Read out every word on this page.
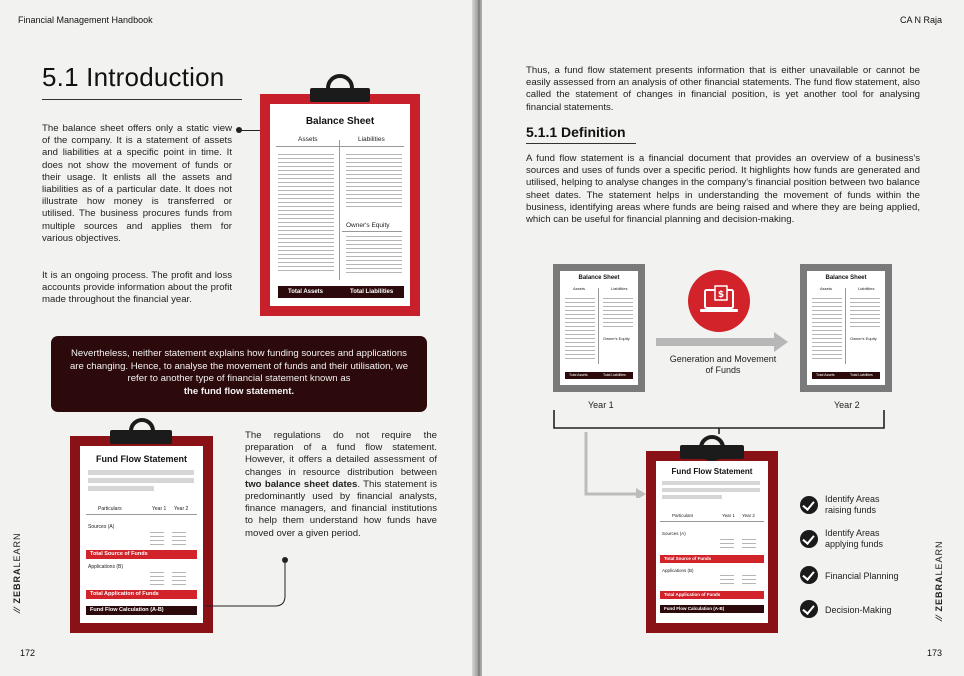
Financial Management Handbook
5.1 Introduction
The balance sheet offers only a static view of the company. It is a statement of assets and liabilities at a specific point in time. It does not show the movement of funds or their usage. It enlists all the assets and liabilities as of a particular date. It does not illustrate how money is transferred or utilised. The business procures funds from multiple sources and applies them for various objectives.
It is an ongoing process. The profit and loss accounts provide information about the profit made throughout the financial year.
Balance Sheet
Assets	Liabilities
Owner's Equity
Total Assets	Total Liabilities
Nevertheless, neither statement explains how funding sources and applications are changing. Hence, to analyse the movement of funds and their utilisation, we refer to another type of financial statement known as
the fund flow statement.
Fund Flow Statement
Particulars	Year 1 Year 2
Sources (A)
Total Source of Funds
Applications (B)
Total Application of Funds
Fund Flow Calculation (A-B)
The regulations do not require the preparation of a fund flow statement. However, it offers a detailed assessment of changes in resource distribution between two balance sheet dates. This statement is predominantly used by financial analysts, finance managers, and financial institutions to help them understand how funds have moved over a given period.
⁄⁄ ZEBRALEARN
172
CA N Raja
Thus, a fund flow statement presents information that is either unavailable or cannot be easily assessed from an analysis of other financial statements. The fund flow statement, also called the statement of changes in financial position, is yet another tool for analysing financial statements.
5.1.1 Definition
A fund flow statement is a financial document that provides an overview of a business's sources and uses of funds over a specific period. It highlights how funds are generated and utilised, helping to analyse changes in the company's financial position between two balance sheet dates. The statement helps in understanding the movement of funds within the business, identifying areas where funds are being raised and where they are being applied, which can be useful for financial planning and decision-making.
Balance Sheet
Assets	Liabilities
Owner's Equity
Total Assets	Total Liabilities
Balance Sheet
Assets	Liabilities
Owner's Equity
Total Assets	Total Liabilities
$
Generation and Movement of Funds
Year 1	Year 2
Fund Flow Statement
Particulars	Year 1 Year 2
Sources (A)
Total Source of Funds
Applications (B)
Total Application of Funds
Fund Flow Calculation (A-B)
Identify Areas raising funds
Identify Areas applying funds
Financial Planning
Decision-Making
⁄⁄ ZEBRALEARN
173
